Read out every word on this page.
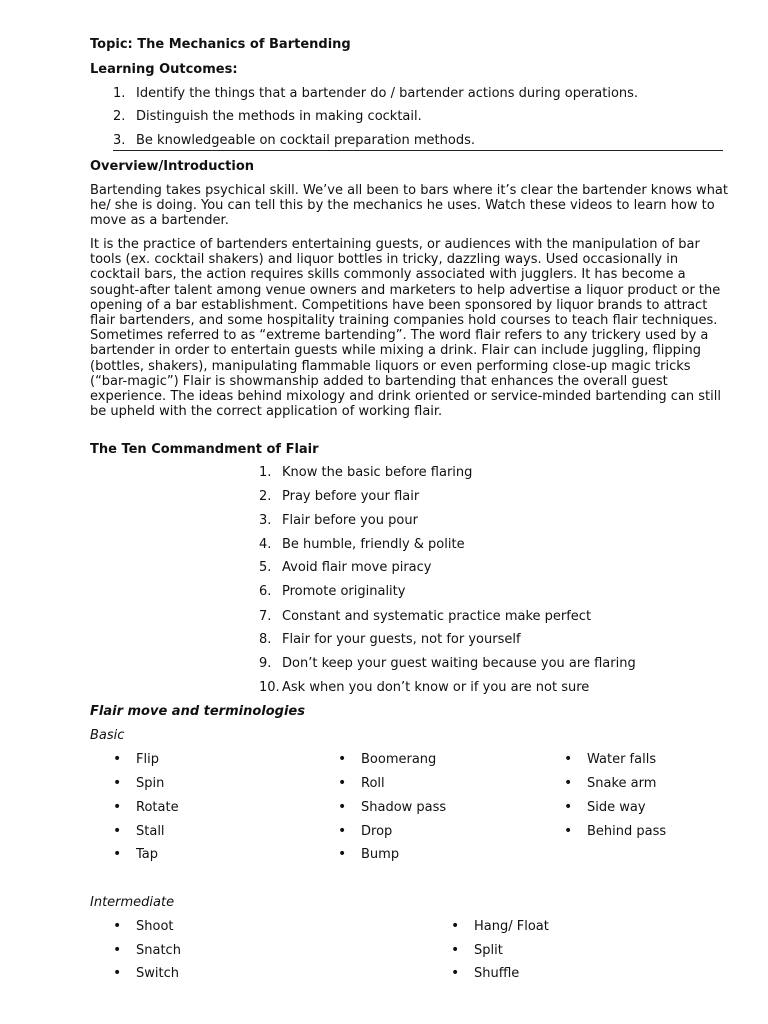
Topic: The Mechanics of Bartending
Learning Outcomes:
1. Identify the things that a bartender do / bartender actions during operations.
2. Distinguish the methods in making cocktail.
3. Be knowledgeable on cocktail preparation methods.
Overview/Introduction

Bartending takes psychical skill. We’ve all been to bars where it’s clear the bartender knows what he/ she is doing. You can tell this by the mechanics he uses. Watch these videos to learn how to move as a bartender.

It is the practice of bartenders entertaining guests, or audiences with the manipulation of bar tools (ex. cocktail shakers) and liquor bottles in tricky, dazzling ways. Used occasionally in cocktail bars, the action requires skills commonly associated with jugglers. It has become a sought-after talent among venue owners and marketers to help advertise a liquor product or the opening of a bar establishment. Competitions have been sponsored by liquor brands to attract flair bartenders, and some hospitality training companies hold courses to teach flair techniques. Sometimes referred to as “extreme bartending”. The word flair refers to any trickery used by a bartender in order to entertain guests while mixing a drink. Flair can include juggling, flipping (bottles, shakers), manipulating flammable liquors or even performing close-up magic tricks (“bar-magic”) Flair is showmanship added to bartending that enhances the overall guest experience. The ideas behind mixology and drink oriented or service-minded bartending can still be upheld with the correct application of working flair.

The Ten Commandment of Flair
1. Know the basic before flaring
2. Pray before your flair
3. Flair before you pour
4. Be humble, friendly & polite
5. Avoid flair move piracy
6. Promote originality
7. Constant and systematic practice make perfect
8. Flair for your guests, not for yourself
9. Don’t keep your guest waiting because you are flaring
10. Ask when you don’t know or if you are not sure
Flair move and terminologies
Basic
• Flip
• Spin
• Rotate
• Stall
• Tap
• Boomerang
• Roll
• Shadow pass
• Drop
• Bump
• Water falls
• Snake arm
• Side way
• Behind pass
Intermediate
• Shoot
• Snatch
• Switch
• Hang/ Float
• Split
• Shuffle
